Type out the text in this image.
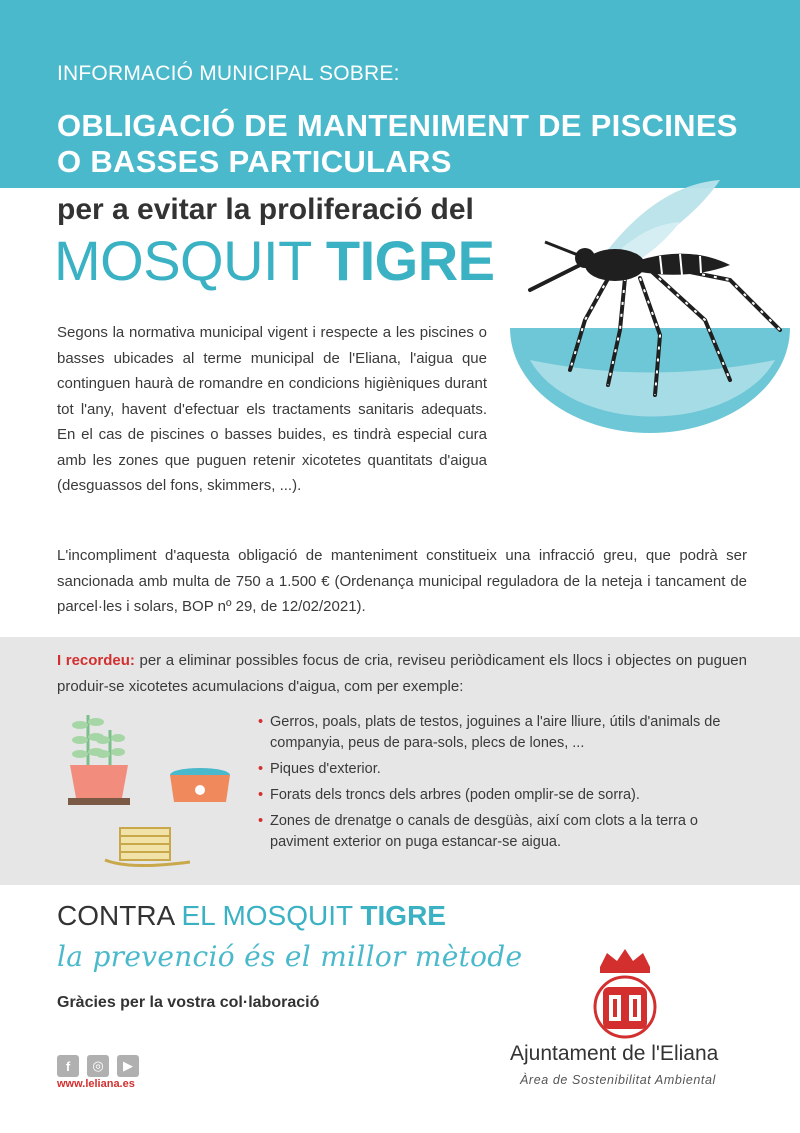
INFORMACIÓ MUNICIPAL SOBRE:
OBLIGACIÓ DE MANTENIMENT DE PISCINES
O BASSES PARTICULARS
per a evitar la proliferació del
MOSQUIT TIGRE

Segons la normativa municipal vigent i respecte a les piscines o basses ubicades al terme municipal de l'Eliana, l'aigua que continguen haurà de romandre en condicions higièniques durant tot l'any, havent d'efectuar els tractaments sanitaris adequats. En el cas de piscines o basses buides, es tindrà especial cura amb les zones que puguen retenir xicotetes quantitats d'aigua (desguassos del fons, skimmers, ...).

L'incompliment d'aquesta obligació de manteniment constitueix una infracció greu, que podrà ser sancionada amb multa de 750 a 1.500 € (Ordenança municipal reguladora de la neteja i tancament de parcel·les i solars, BOP nº 29, de 12/02/2021).

I recordeu: per a eliminar possibles focus de cria, reviseu periòdicament els llocs i objectes on puguen produir-se xicotetes acumulacions d'aigua, com per exemple:

• Gerros, poals, plats de testos, joguines a l'aire lliure, útils d'animals de companyia, peus de para-sols, plecs de lones, ...
• Piques d'exterior.
• Forats dels troncs dels arbres (poden omplir-se de sorra).
• Zones de drenatge o canals de desgüàs, així com clots a la terra o paviment exterior on puga estancar-se aigua.
CONTRA EL MOSQUIT TIGRE
la prevenció és el millor mètode
Gràcies per la vostra col·laboració
f	◎	▶
www.leliana.es
Ajuntament de l'Eliana
Àrea de Sostenibilitat Ambiental
